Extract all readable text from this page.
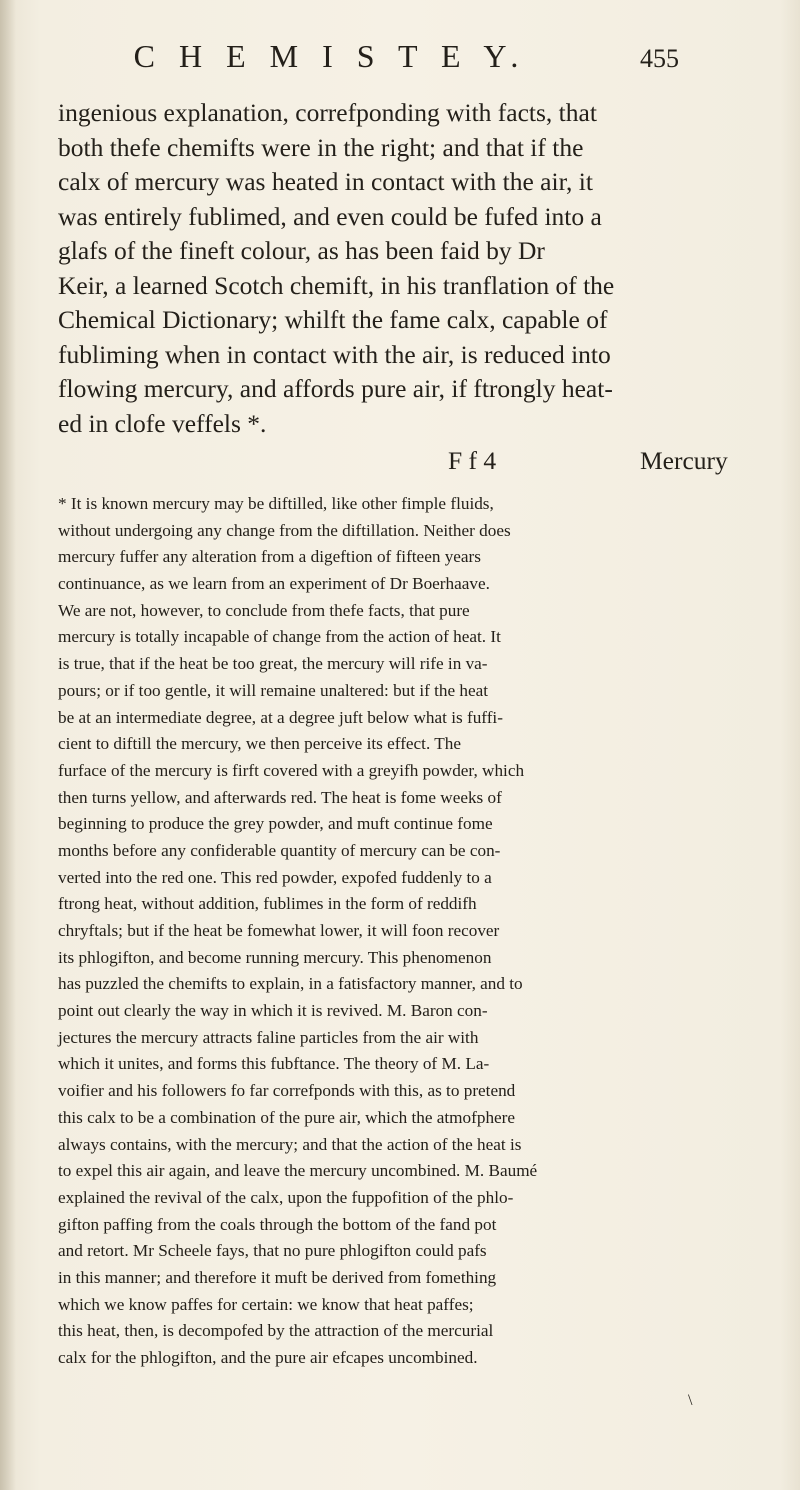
C H E M I S T E Y.	455
ingenious explanation, correfponding with facts, that
both thefe chemifts were in the right; and that if the
calx of mercury was heated in contact with the air, it
was entirely fublimed, and even could be fufed into a
glafs of the fineft colour, as has been faid by Dr
Keir, a learned Scotch chemift, in his tranflation of the
Chemical Dictionary; whilft the fame calx, capable of
fubliming when in contact with the air, is reduced into
flowing mercury, and affords pure air, if ftrongly heat-
ed in clofe veffels *.
F f 4	Mercury
* It is known mercury may be diftilled, like other fimple fluids,
without undergoing any change from the diftillation. Neither does
mercury fuffer any alteration from a digeftion of fifteen years
continuance, as we learn from an experiment of Dr Boerhaave.
We are not, however, to conclude from thefe facts, that pure
mercury is totally incapable of change from the action of heat. It
is true, that if the heat be too great, the mercury will rife in va-
pours; or if too gentle, it will remaine unaltered: but if the heat
be at an intermediate degree, at a degree juft below what is fuffi-
cient to diftill the mercury, we then perceive its effect. The
furface of the mercury is firft covered with a greyifh powder, which
then turns yellow, and afterwards red. The heat is fome weeks of
beginning to produce the grey powder, and muft continue fome
months before any confiderable quantity of mercury can be con-
verted into the red one. This red powder, expofed fuddenly to a
ftrong heat, without addition, fublimes in the form of reddifh
chryftals; but if the heat be fomewhat lower, it will foon recover
its phlogifton, and become running mercury. This phenomenon
has puzzled the chemifts to explain, in a fatisfactory manner, and to
point out clearly the way in which it is revived. M. Baron con-
jectures the mercury attracts faline particles from the air with
which it unites, and forms this fubftance. The theory of M. La-
voifier and his followers fo far correfponds with this, as to pretend
this calx to be a combination of the pure air, which the atmofphere
always contains, with the mercury; and that the action of the heat is
to expel this air again, and leave the mercury uncombined. M. Baumé
explained the revival of the calx, upon the fuppofition of the phlo-
gifton paffing from the coals through the bottom of the fand pot
and retort. Mr Scheele fays, that no pure phlogifton could pafs
in this manner; and therefore it muft be derived from fomething
which we know paffes for certain: we know that heat paffes;
this heat, then, is decompofed by the attraction of the mercurial
calx for the phlogifton, and the pure air efcapes uncombined.
\
